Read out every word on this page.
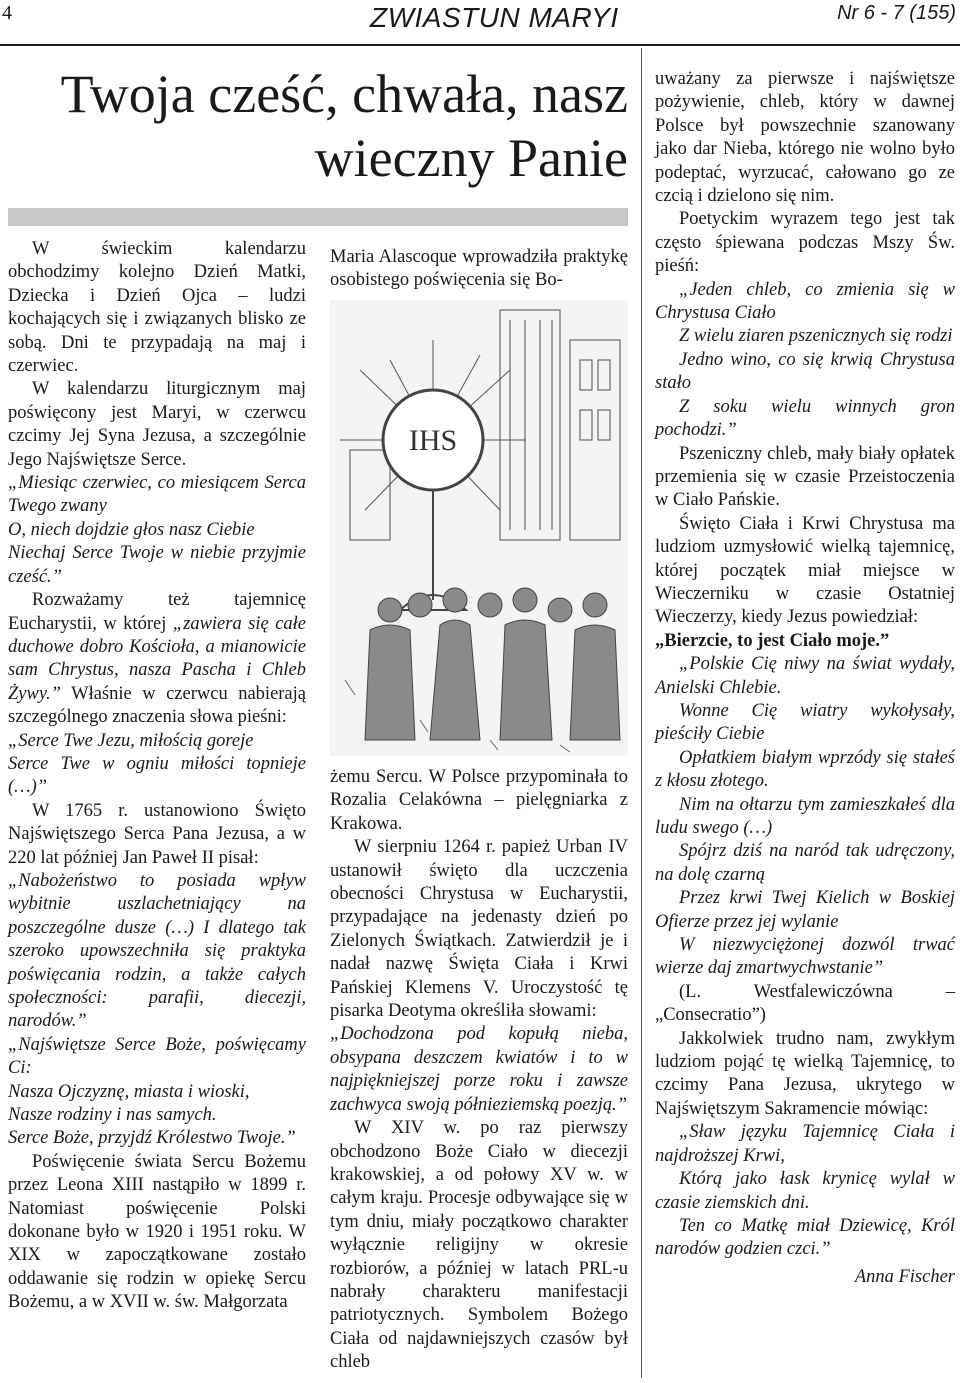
4	ZWIASTUN MARYI	Nr 6 - 7 (155)
Twoja cześć, chwała, nasz
wieczny Panie

W świeckim kalendarzu obchodzimy kolejno Dzień Matki, Dziecka i Dzień Ojca – ludzi kochających się i związanych blisko ze sobą. Dni te przypadają na maj i czerwiec.

W kalendarzu liturgicznym maj poświęcony jest Maryi, w czerwcu czcimy Jej Syna Jezusa, a szczególnie Jego Najświętsze Serce.

„Miesiąc czerwiec, co miesiącem Serca Twego zwany

O, niech dojdzie głos nasz Ciebie

Niechaj Serce Twoje w niebie przyjmie cześć.”

Rozważamy też tajemnicę Eucharystii, w której „zawiera się całe duchowe dobro Kościoła, a mianowicie sam Chrystus, nasza Pascha i Chleb Żywy.” Właśnie w czerwcu nabierają szczególnego znaczenia słowa pieśni:

„Serce Twe Jezu, miłością goreje

Serce Twe w ogniu miłości topnieje (…)”

W 1765 r. ustanowiono Święto Najświętszego Serca Pana Jezusa, a w 220 lat później Jan Paweł II pisał:

„Nabożeństwo to posiada wpływ wybitnie uszlachetniający na poszczególne dusze (…) I dlatego tak szeroko upowszechniła się praktyka poświęcania rodzin, a także całych społeczności: parafii, diecezji, narodów.”

„Najświętsze Serce Boże, poświęcamy Ci:

Nasza Ojczyznę, miasta i wioski,

Nasze rodziny i nas samych.

Serce Boże, przyjdź Królestwo Twoje.”

Poświęcenie świata Sercu Bożemu przez Leona XIII nastąpiło w 1899 r. Natomiast poświęcenie Polski dokonane było w 1920 i 1951 roku. W XIX w zapoczątkowane zostało oddawanie się rodzin w opiekę Sercu Bożemu, a w XVII w. św. Małgorzata

Maria Alascoque wprowadziła praktykę osobistego poświęcenia się Bo-

IHS

żemu Sercu. W Polsce przypominała to Rozalia Celakówna – pielęgniarka z Krakowa.

W sierpniu 1264 r. papież Urban IV ustanowił święto dla uczczenia obecności Chrystusa w Eucharystii, przypadające na jedenasty dzień po Zielonych Świątkach. Zatwierdził je i nadał nazwę Święta Ciała i Krwi Pańskiej Klemens V. Uroczystość tę pisarka Deotyma określiła słowami:

„Dochodzona pod kopułą nieba, obsypana deszczem kwiatów i to w najpiękniejszej porze roku i zawsze zachwyca swoją półnieziemską poezją.”

W XIV w. po raz pierwszy obchodzono Boże Ciało w diecezji krakowskiej, a od połowy XV w. w całym kraju. Procesje odbywające się w tym dniu, miały początkowo charakter wyłącznie religijny w okresie rozbiorów, a później w latach PRL-u nabrały charakteru manifestacji patriotycznych. Symbolem Bożego Ciała od najdawniejszych czasów był chleb

uważany za pierwsze i najświętsze pożywienie, chleb, który w dawnej Polsce był powszechnie szanowany jako dar Nieba, którego nie wolno było podeptać, wyrzucać, całowano go ze czcią i dzielono się nim.

Poetyckim wyrazem tego jest tak często śpiewana podczas Mszy Św. pieśń:

„Jeden chleb, co zmienia się w Chrystusa Ciało

Z wielu ziaren pszenicznych się rodzi

Jedno wino, co się krwią Chrystusa stało

Z soku wielu winnych gron pochodzi.”

Pszeniczny chleb, mały biały opłatek przemienia się w czasie Przeistoczenia w Ciało Pańskie.

Święto Ciała i Krwi Chrystusa ma ludziom uzmysłowić wielką tajemnicę, której początek miał miejsce w Wieczerniku w czasie Ostatniej Wieczerzy, kiedy Jezus powiedział:

„Bierzcie, to jest Ciało moje.”

„Polskie Cię niwy na świat wydały, Anielski Chlebie.

Wonne Cię wiatry wykołysały, pieściły Ciebie

Opłatkiem białym wprzódy się stałeś z kłosu złotego.

Nim na ołtarzu tym zamieszkałeś dla ludu swego (…)

Spójrz dziś na naród tak udręczony, na dolę czarną

Przez krwi Twej Kielich w Boskiej Ofierze przez jej wylanie

W niezwyciężonej dozwól trwać wierze daj zmartwychwstanie”

(L. Westfalewiczówna – „Consecratio”)

Jakkolwiek trudno nam, zwykłym ludziom pojąć tę wielką Tajemnicę, to czcimy Pana Jezusa, ukrytego w Najświętszym Sakramencie mówiąc:

„Sław języku Tajemnicę Ciała i najdroższej Krwi,

Którą jako łask krynicę wylał w czasie ziemskich dni.

Ten co Matkę miał Dziewicę, Król narodów godzien czci.”

Anna Fischer
